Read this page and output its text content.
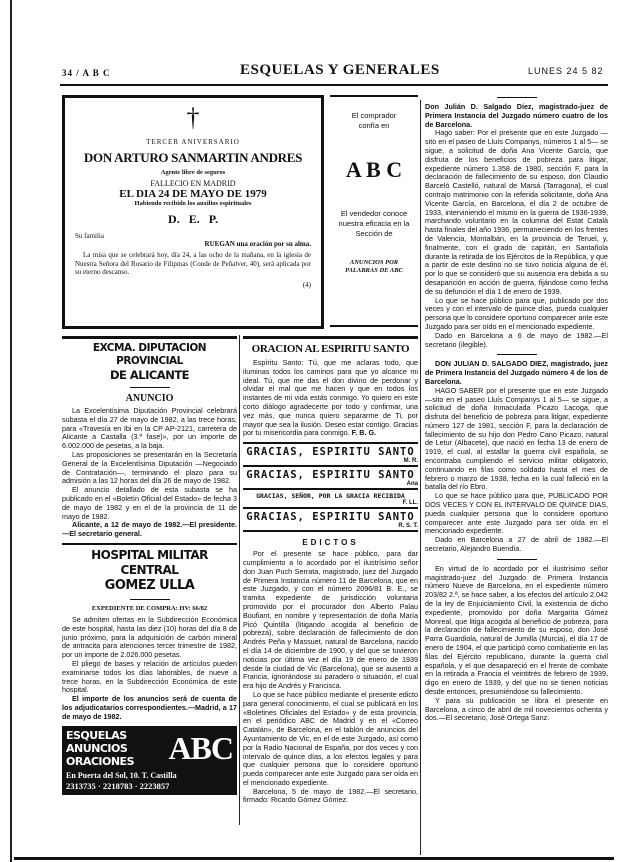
34 / A B C	ESQUELAS Y GENERALES	LUNES 24 5 82
†
TERCER ANIVERSARIO
DON ARTURO SANMARTIN ANDRES
Agente libre de seguros
FALLECIO EN MADRID
EL DIA 24 DE MAYO DE 1979
Habiendo recibido los auxilios espirituales
D.   E.   P.
Su familia
RUEGAN una oración por su alma.
La misa que se celebrará hoy, día 24, a las ocho de la mañana, en la iglesia de Nuestra Señora del Rosario de Filipinas (Conde de Peñalver, 40), será aplicada por su eterno descanso.
(4)
El comprador confía en
A B C
El vendedor conoce nuestra eficacia en la Sección de
ANUNCIOS POR PALABRAS DE ABC

Don Julián D. Salgado Díez, magistrado-juez de Primera Instancia del Juzgado número cuatro de los de Barcelona.

Hago saber: Por el presente que en este Juzgado —sito en el paseo de Lluís Companys, números 1 al 5— se sigue, a solicitud de doña Ana Vicente García, que disfruta de los beneficios de pobreza para litigar, expediente número 1.358 de 1980, sección F, para la declaración de fallecimiento de su esposo, don Claudio Barceló Castelló, natural de Marsá (Tarragona), el cual contrajo matrimonio con la referida solicitante, doña Ana Vicente García, en Barcelona, el día 2 de octubre de 1933, interviniendo el mismo en la guerra de 1936-1939, marchando voluntario en la columna del Estat Català hasta finales del año 1936, permaneciendo en los frentes de Valencia, Montalbán, en la provincia de Teruel, y, finalmente, con el grado de capitán, en Santañola durante la retirada de los Ejércitos de la República, y que a partir de este destino no se tuvo noticia alguna de él, por lo que se consideró que su ausencia era debida a su desaparición en acción de guerra, fijándose como fecha de su defunción el día 1 de enero de 1939.

Lo que se hace público para que, publicado por dos veces y con el intervalo de quince días, pueda cualquier persona que lo considere oportuno comparecer ante este Juzgado para ser oído en el mencionado expediente.

Dado en Barcelona a 6 de mayo de 1982.—El secretario (ilegible).

DON JULIAN D. SALGADO DIEZ, magistrado, juez de Primera Instancia del Juzgado número 4 de los de Barcelona.

HAGO SABER por el presente que en este Juzgado —sito en el paseo Lluís Companys 1 al 5— se sigue, a solicitud de doña Inmaculada Picazo Lacoga, que disfruta del beneficio de pobreza para litigar, expediente número 127 de 1981, sección F, para la declaración de fallecimiento de su hijo don Pedro Cano Picazo, natural de Letur (Albacete), que nació en fecha 13 de enero de 1919, el cual, al estallar la guerra civil española, se encontraba cumpliendo el servicio militar obligatorio, continuando en filas como soldado hasta el mes de febrero o marzo de 1938, fecha en la cual falleció en la batalla del río Ebro.

Lo que se hace público para que, PUBLICADO POR DOS VECES Y CON EL INTERVALO DE QUINCE DIAS, pueda cualquier persona que lo considere oportuno comparecer ante este Juzgado para ser oída en el mencionado expediente.

Dado en Barcelona a 27 de abril de 1982.—El secretario, Alejandro Buendía.

En virtud de lo acordado por el ilustrísimo señor magistrado-juez del Juzgado de Primera Instancia número Nueve de Barcelona, en el expediente número 203/82 2.ª, se hace saber, a los efectos del artículo 2.042 de la ley de Enjuiciamiento Civil, la existencia de dicho expediente, promovido por doña Margarita Gómez Monreal, que litiga acogida al beneficio de pobreza, para la declaración de fallecimiento de su esposo, don José Parra Guardiola, natural de Jumilla (Murcia), el día 17 de enero de 1904, el que participó como combatiente en las filas del Ejército republicano, durante la guerra civil española, y el que desapareció en el frente de combate en la retirada a Francia el veintitrés de febrero de 1939, digo en enero de 1939, y del que no se tienen noticias desde entonces, presumiéndose su fallecimiento.

Y para su publicación se libra el presente en Barcelona, a cinco de abril de mil novecientos ochenta y dos.—El secretario, José Ortega Sanz.

EXCMA. DIPUTACION PROVINCIAL
DE ALICANTE
ANUNCIO

La Excelentísima Diputación Provincial celebrará subasta el día 27 de mayo de 1982, a las trece horas, para «Travesía en Ibi en la CP AP-2121, carretera de Alicante a Castalla (3.ª fase)», por un importe de 6.002.000 de pesetas, a la baja.

Las proposiciones se presentarán en la Secretaría General de la Excelentísima Diputación —Negociado de Contratación—, terminando el plazo para su admisión a las 12 horas del día 26 de mayo de 1982.

El anuncio detallado de esta subasta se ha publicado en el «Boletín Oficial del Estado» de fecha 3 de mayo de 1982 y en el de la provincia de 11 de mayo de 1982.

Alicante, a 12 de mayo de 1982.—El presidente.—El secretario general.

HOSPITAL MILITAR CENTRAL
GOMEZ ULLA
EXPEDIENTE DE COMPRA: HV: 66/82

Se admiten ofertas en la Subdirección Económica de este hospital, hasta las diez (10) horas del día 8 de junio próximo, para la adquisición de carbón mineral de antracita para atenciones tercer trimestre de 1982, por un importe de 2.026.000 pesetas.

El pliego de bases y relación de artículos pueden examinarse todos los días laborables, de nueve a trece horas, en la Subdirección Económica de este hospital.

El importe de los anuncios será de cuenta de los adjudicatarios correspondientes.—Madrid, a 17 de mayo de 1982.

ESQUELAS
ANUNCIOS
ORACIONES ABC
En Puerta del Sol, 10. T. Castilla
2313735 · 2218783 · 2223857
ORACION AL ESPIRITU SANTO

Espíritu Santo: Tú, que me aclaras todo, que iluminas todos los caminos para que yo alcance mi ideal. Tú, que me das el don divino de perdonar y olvidar el mal que me hacen y que en todos los instantes de mi vida estás conmigo. Yo quiero en este corto diálogo agradecerte por todo y confirmar, una vez más, que nunca quiero separarme de Ti, por mayor que sea la ilusión. Deseo estar contigo. Gracias por tu misericordia para conmigo. F. B. G.

GRACIAS, ESPIRITU SANTO
M. R.
GRACIAS, ESPIRITU SANTO
Ana
GRACIAS, SEÑOR, POR LA GRACIA RECIBIDA
F. LL.
GRACIAS, ESPIRITU SANTO
R. S. T.
EDICTOS

Por el presente se hace público, para dar cumplimiento a lo acordado por el ilustrísimo señor don Juan Puch Serrata, magistrado, juez del Juzgado de Primera Instancia número 11 de Barcelona, que en este Juzgado, y con el número 2096/81 B. E., se tramita expediente de jurisdicción voluntaria promovido por el procurador don Alberto Palau Boufiant, en nombre y representación de doña María Picó Quintilla (litigando acogida al beneficio de pobreza), sobre declaración de fallecimiento de don Andrés Peña y Massuet, natural de Barcelona, nacido el día 14 de diciembre de 1900, y del que se tuvieron noticias por última vez el día 19 de enero de 1939 desde la ciudad de Vic (Barcelona), que se ausentó a Francia, ignorándose su paradero o situación, el cual era hijo de Andrés y Francisca.

Lo que se hace público mediante el presente edicto para general conocimiento, el cual se publicará en los «Boletines Oficiales del Estado» y de esta provincia, en el periódico ABC de Madrid y en el «Correo Catalán», de Barcelona, en el tablón de anuncios del Ayuntamiento de Vic, en el de este Juzgado, así como por la Radio Nacional de España, por dos veces y con intervalo de quince días, a los efectos legales y para que cualquier persona que lo considere oportuno pueda comparecer ante este Juzgado para ser oída en el mencionado expediente.

Barcelona, 5 de mayo de 1982.—El secretario, firmado: Ricardo Gómez Gómez.
